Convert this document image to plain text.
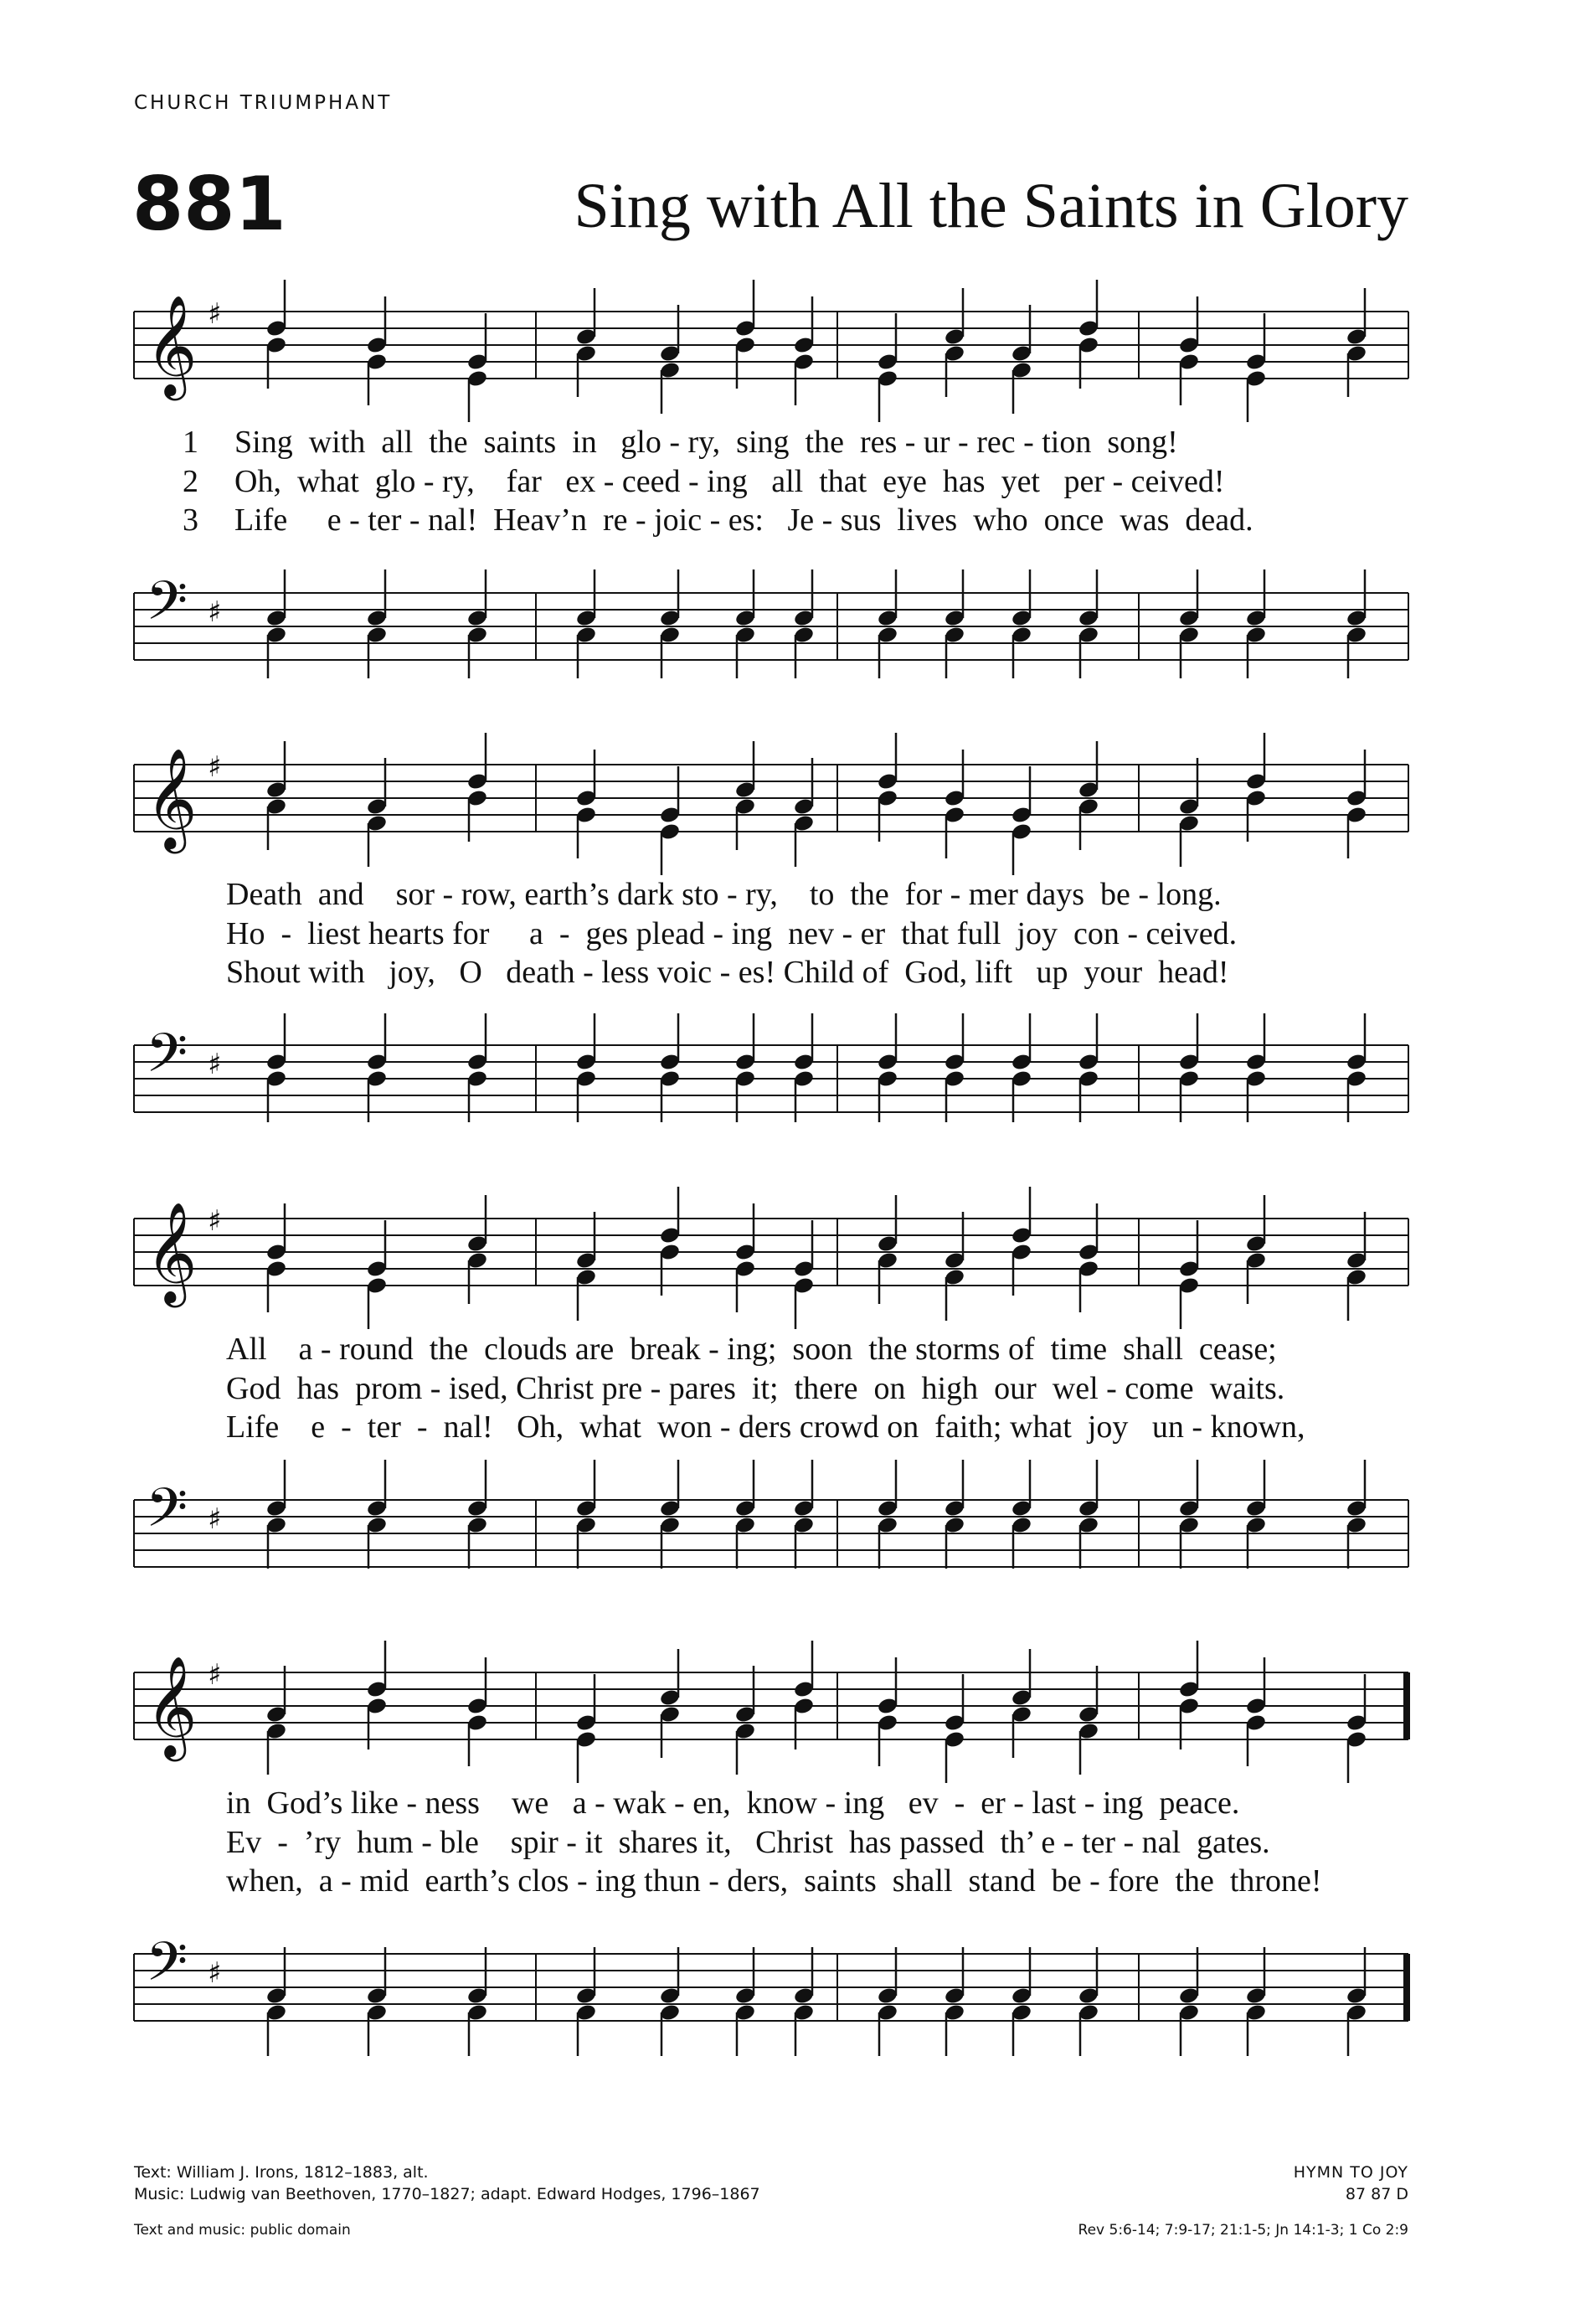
CHURCH TRIUMPHANT
881	Sing with All the Saints in Glory
𝄞 ♯
𝄢 ♯
𝄞 ♯
𝄢 ♯
𝄞 ♯
𝄢 ♯
𝄞 ♯
𝄢 ♯
1 Sing  with  all  the  saints  in   glo - ry,  sing  the  res - ur - rec - tion  song!
2 Oh,  what  glo - ry,    far   ex - ceed - ing   all  that  eye  has  yet   per - ceived!
3 Life     e - ter - nal!  Heav’n  re - joic - es:   Je - sus  lives  who  once  was  dead.
Death  and    sor - row, earth’s dark sto - ry,    to  the  for - mer days  be - long.
Ho  -  liest hearts for     a  -  ges plead - ing  nev - er  that full  joy  con - ceived.
Shout with   joy,   O   death - less voic - es! Child of  God, lift   up  your  head!
All    a - round  the  clouds are  break - ing;  soon  the storms of  time  shall  cease;
God  has  prom - ised, Christ pre - pares  it;  there  on  high  our  wel - come  waits.
Life    e  -  ter  -  nal!   Oh,  what  won - ders crowd on  faith; what  joy   un - known,
in  God’s like - ness    we   a - wak - en,  know - ing   ev  -  er - last - ing  peace.
Ev  -  ’ry  hum - ble    spir - it  shares it,   Christ  has passed  th’ e - ter - nal  gates.
when,  a - mid  earth’s clos - ing thun - ders,  saints  shall  stand  be - fore  the  throne!
Text: William J. Irons, 1812–1883, alt.
Music: Ludwig van Beethoven, 1770–1827; adapt. Edward Hodges, 1796–1867
Text and music: public domain
HYMN TO JOY
87 87 D
Rev 5:6-14; 7:9-17; 21:1-5; Jn 14:1-3; 1 Co 2:9
